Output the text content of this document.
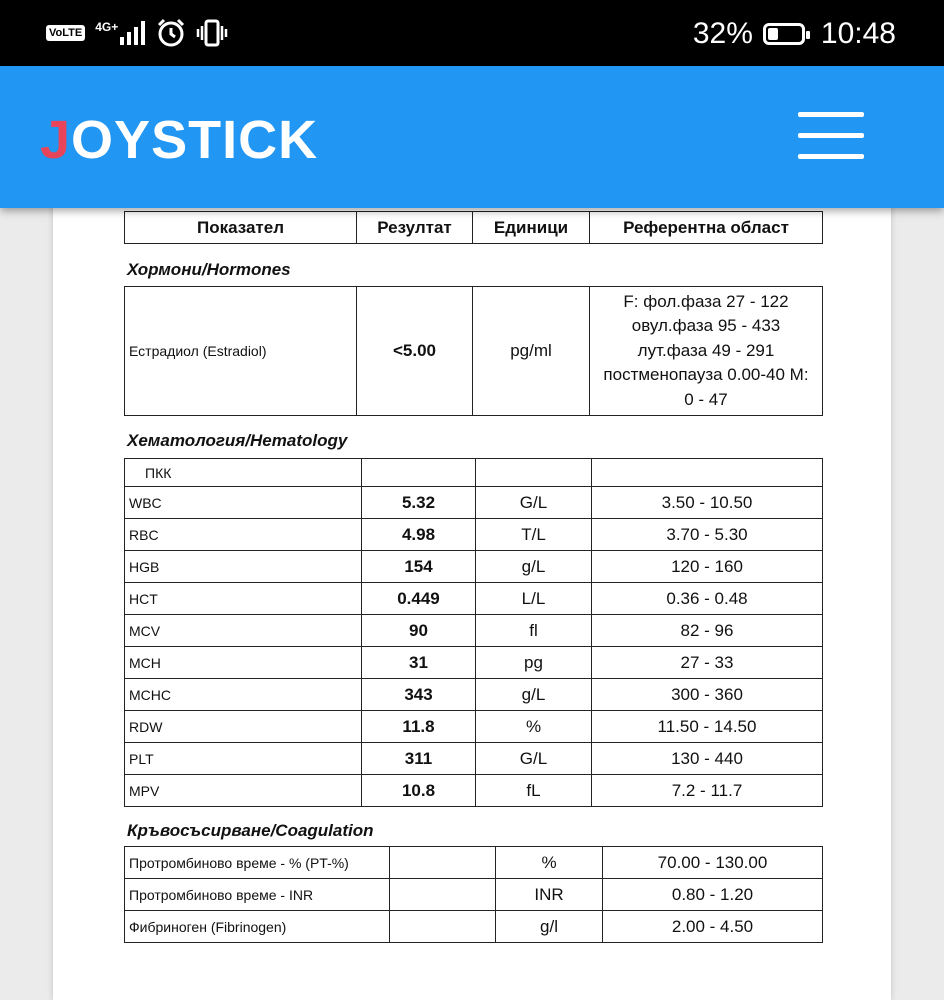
VoLTE 4G+	32% 10:48
JOYSTICK
Показател	Резултат	Единици	Референтна област
Хормони/Hormones
Естрадиол (Estradiol)	<5.00	pg/ml	
F: фол.фаза 27 - 122
овул.фаза 95 - 433
лут.фаза 49 - 291
постменопауза 0.00-40 М:
0 - 47
Хематология/Hematology
ПКК			
WBC	5.32	G/L	3.50 - 10.50
RBC	4.98	T/L	3.70 - 5.30
HGB	154	g/L	120 - 160
HCT	0.449	L/L	0.36 - 0.48
MCV	90	fl	82 - 96
MCH	31	pg	27 - 33
MCHC	343	g/L	300 - 360
RDW	11.8	%	11.50 - 14.50
PLT	311	G/L	130 - 440
MPV	10.8	fL	7.2 - 11.7
Кръвосъсирване/Coagulation
Протромбиново време - % (PT-%)		%	70.00 - 130.00
Протромбиново време - INR		INR	0.80 - 1.20
Фибриноген (Fibrinogen)		g/l	2.00 - 4.50
